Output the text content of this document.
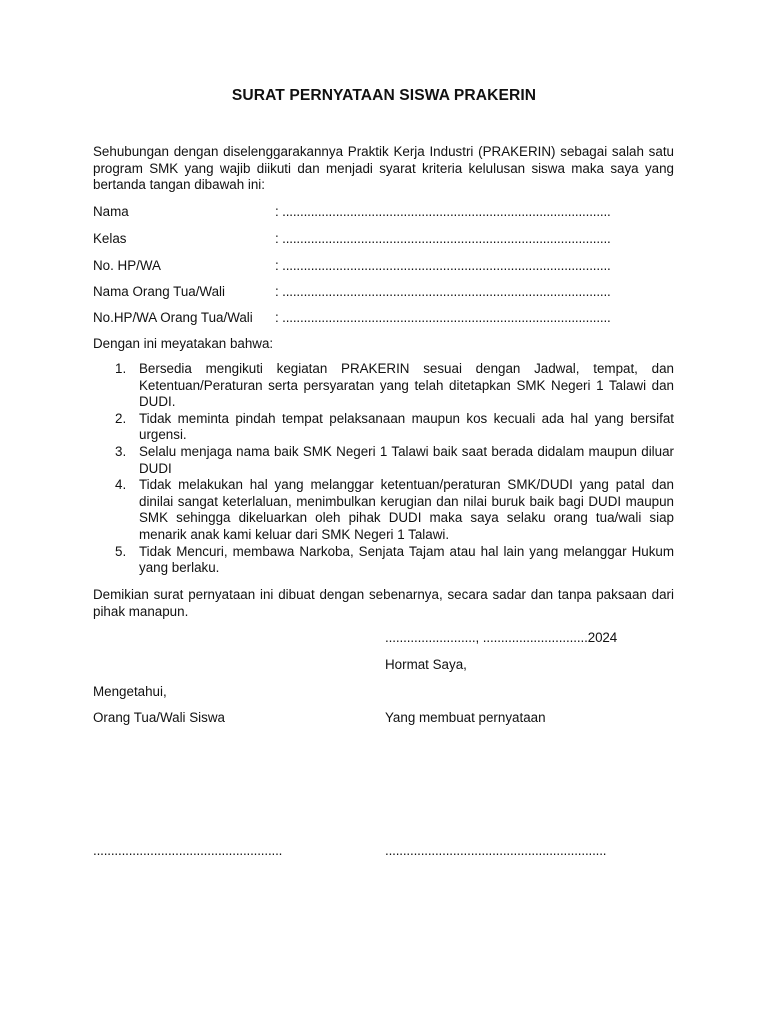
SURAT PERNYATAAN SISWA PRAKERIN
Sehubungan dengan diselenggarakannya Praktik Kerja Industri (PRAKERIN) sebagai salah satu program SMK yang wajib diikuti dan menjadi syarat kriteria kelulusan siswa maka saya yang bertanda tangan dibawah ini:
Nama	: ............................................................................................
Kelas	: ............................................................................................
No. HP/WA	: ............................................................................................
Nama Orang Tua/Wali	: ............................................................................................
No.HP/WA Orang Tua/Wali : ............................................................................................
Dengan ini meyatakan bahwa:
1. Bersedia mengikuti kegiatan PRAKERIN sesuai dengan Jadwal, tempat, dan Ketentuan/Peraturan serta persyaratan yang telah ditetapkan SMK Negeri 1 Talawi dan DUDI.
2. Tidak meminta pindah tempat pelaksanaan maupun kos kecuali ada hal yang bersifat urgensi.
3. Selalu menjaga nama baik SMK Negeri 1 Talawi baik saat berada didalam maupun diluar DUDI
4. Tidak melakukan hal yang melanggar ketentuan/peraturan SMK/DUDI yang patal dan dinilai sangat keterlaluan, menimbulkan kerugian dan nilai buruk baik bagi DUDI maupun SMK sehingga dikeluarkan oleh pihak DUDI maka saya selaku orang tua/wali siap menarik anak kami keluar dari SMK Negeri 1 Talawi.
5. Tidak Mencuri, membawa Narkoba, Senjata Tajam atau hal lain yang melanggar Hukum yang berlaku.
Demikian surat pernyataan ini dibuat dengan sebenarnya, secara sadar dan tanpa paksaan dari pihak manapun.
........................., .............................2024
Hormat Saya,
Mengetahui,
Orang Tua/Wali Siswa	Yang membuat pernyataan
.....................................................	..............................................................
